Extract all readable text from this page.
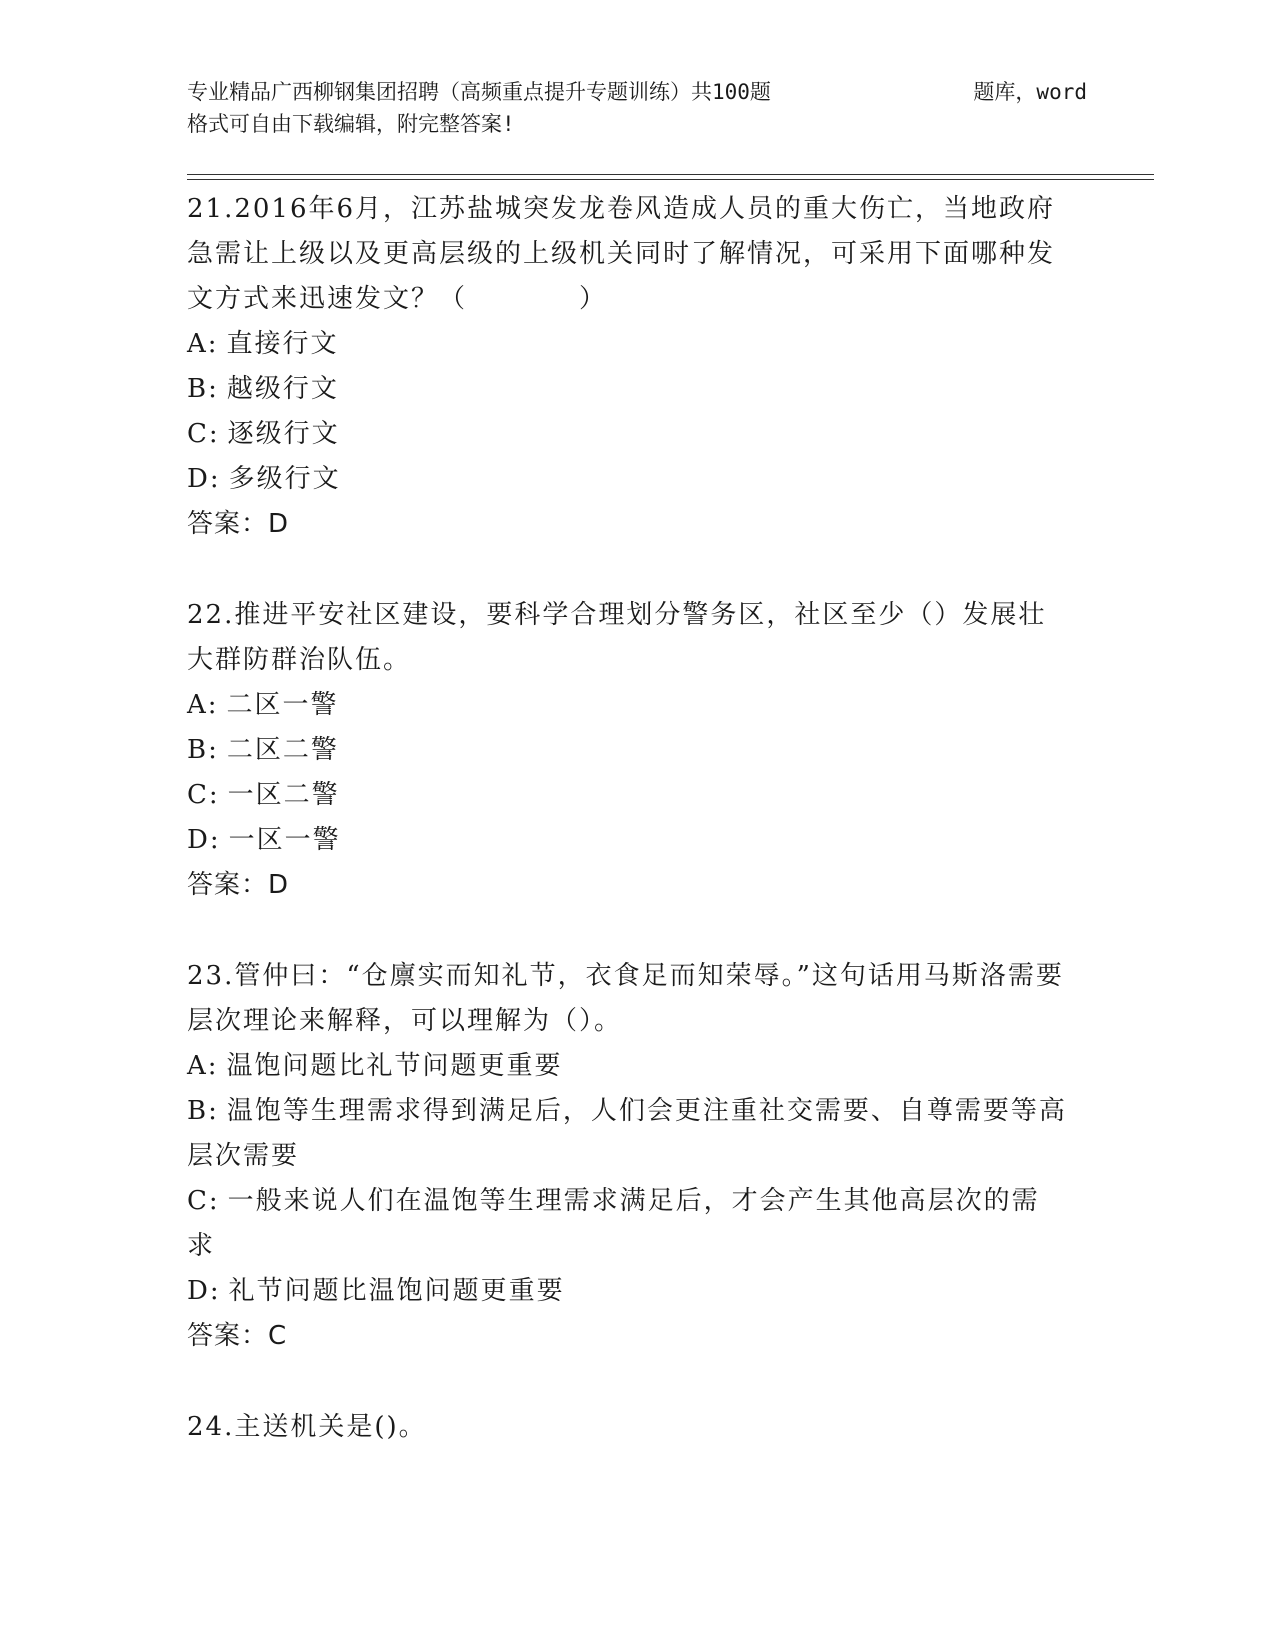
专业精品广西柳钢集团招聘（高频重点提升专题训练）共100题	题库，word
格式可自由下载编辑，附完整答案!

21.2016年6月，江苏盐城突发龙卷风造成人员的重大伤亡，当地政府急需让上级以及更高层级的上级机关同时了解情况，可采用下面哪种发文方式来迅速发文？（　　　　）

A: 直接行文

B: 越级行文

C: 逐级行文

D: 多级行文

答案：D

22.推进平安社区建设，要科学合理划分警务区，社区至少（）发展壮大群防群治队伍。

A: 二区一警

B: 二区二警

C: 一区二警

D: 一区一警

答案：D

23.管仲曰：“仓廪实而知礼节，衣食足而知荣辱。”这句话用马斯洛需要层次理论来解释，可以理解为（）。

A: 温饱问题比礼节问题更重要

B: 温饱等生理需求得到满足后，人们会更注重社交需要、自尊需要等高层次需要

C: 一般来说人们在温饱等生理需求满足后，才会产生其他高层次的需求

D: 礼节问题比温饱问题更重要

答案：C

24.主送机关是()。
